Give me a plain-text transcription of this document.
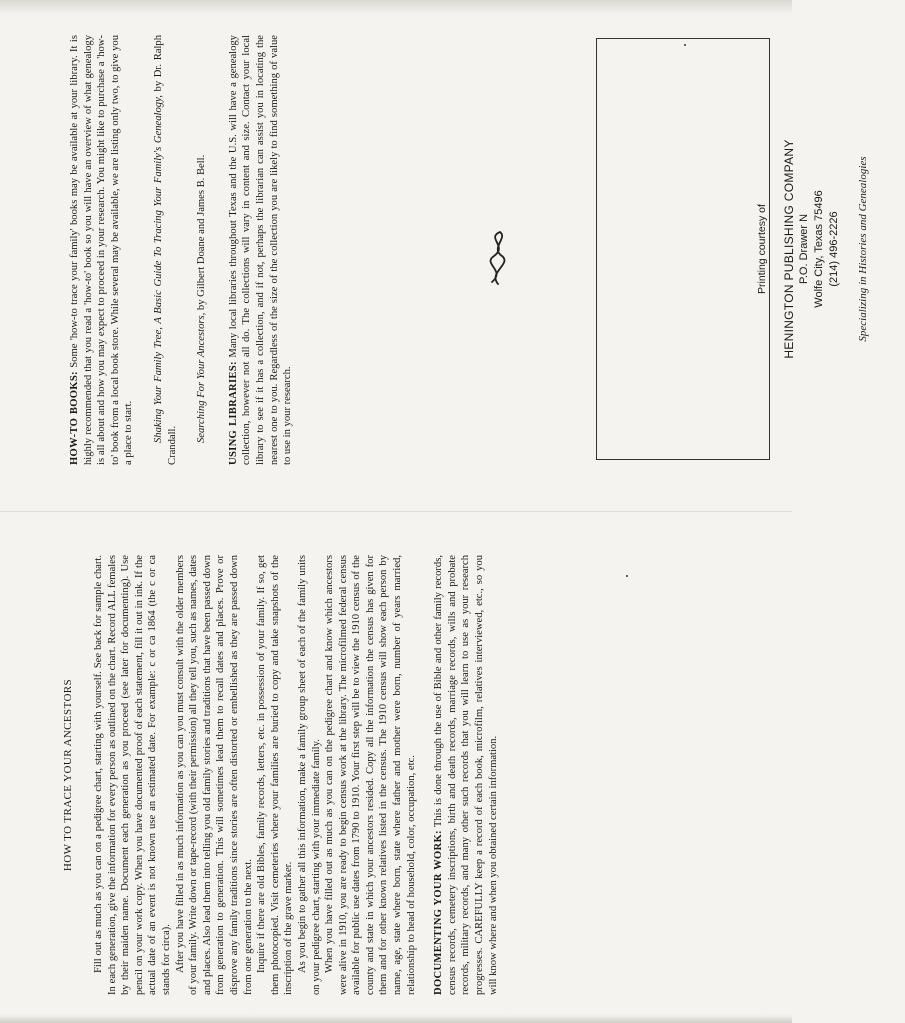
HOW TO TRACE YOUR ANCESTORS Fill out as much as you can on a pedigree chart, starting with yourself. See back for sample chart. In each generation, give the information for every person as outlined on the chart. Record ALL females by their maiden name. Document each generation as you proceed (see later for documenting). Use pencil on your work copy. When you have documented proof of each statement, fill it out in ink. If the actual date of an event is not known use an estimated date. For example: c or ca 1864 (the c or ca stands for circa). After you have filled in as much information as you can you must consult with the older members of your family. Write down or tape-record (with their permission) all they tell you, such as names, dates and places. Also lead them into telling you old family stories and traditions that have been passed down from generation to generation. This will sometimes lead them to recall dates and places. Prove or disprove any family traditions since stories are often distorted or embellished as they are passed down from one generation to the next. Inquire if there are old Bibles, family records, letters, etc. in possession of your family. If so, get them photocopied. Visit cemeteries where your families are buried to copy and take snapshots of the inscription of the grave marker. As you begin to gather all this information, make a family group sheet of each of the family units on your pedigree chart, starting with your immediate family. When you have filled out as much as you can on the pedigree chart and know which ancestors were alive in 1910, you are ready to begin census work at the library. The microfilmed federal census available for public use dates from 1790 to 1910. Your first step will be to view the 1910 census of the county and state in which your ancestors resided. Copy all the information the census has given for them and for other known relatives listed in the census. The 1910 census will show each person by name, age, state where born, state where father and mother were born, number of years married, relationship to head of household, color, occupation, etc. DOCUMENTING YOUR WORK: This is done through the use of Bible and other family records, census records, cemetery inscriptions, birth and death records, marriage records, wills and probate records, military records, and many other such records that you will learn to use as your research progresses. CAREFULLY keep a record of each book, microfilm, relatives interviewed, etc., so you will know where and when you obtained certain information.

HOW-TO BOOKS: Some 'how-to trace your family' books may be available at your library. It is highly recommended that you read a 'how-to' book so you will have an overview of what genealogy is all about and how you may expect to proceed in your research. You might like to purchase a 'how-to' book from a local book store. While several may be available, we are listing only two, to give you a place to start. Shaking Your Family Tree, A Basic Guide To Tracing Your Family's Genealogy, by Dr. Ralph Crandall.

Searching For Your Ancestors, by Gilbert Doane and James B. Bell.

USING LIBRARIES: Many local libraries throughout Texas and the U.S. will have a genealogy collection, however not all do. The collections will vary in content and size. Contact your local library to see if it has a collection, and if not, perhaps the librarian can assist you in locating the nearest one to you. Regardless of the size of the collection you are likely to find something of value to use in your research.

Printing courtesy of HENINGTON PUBLISHING COMPANY P.O. Drawer N Wolfe City, Texas 75496 (214) 496-2226 Specializing in Histories and Genealogies
